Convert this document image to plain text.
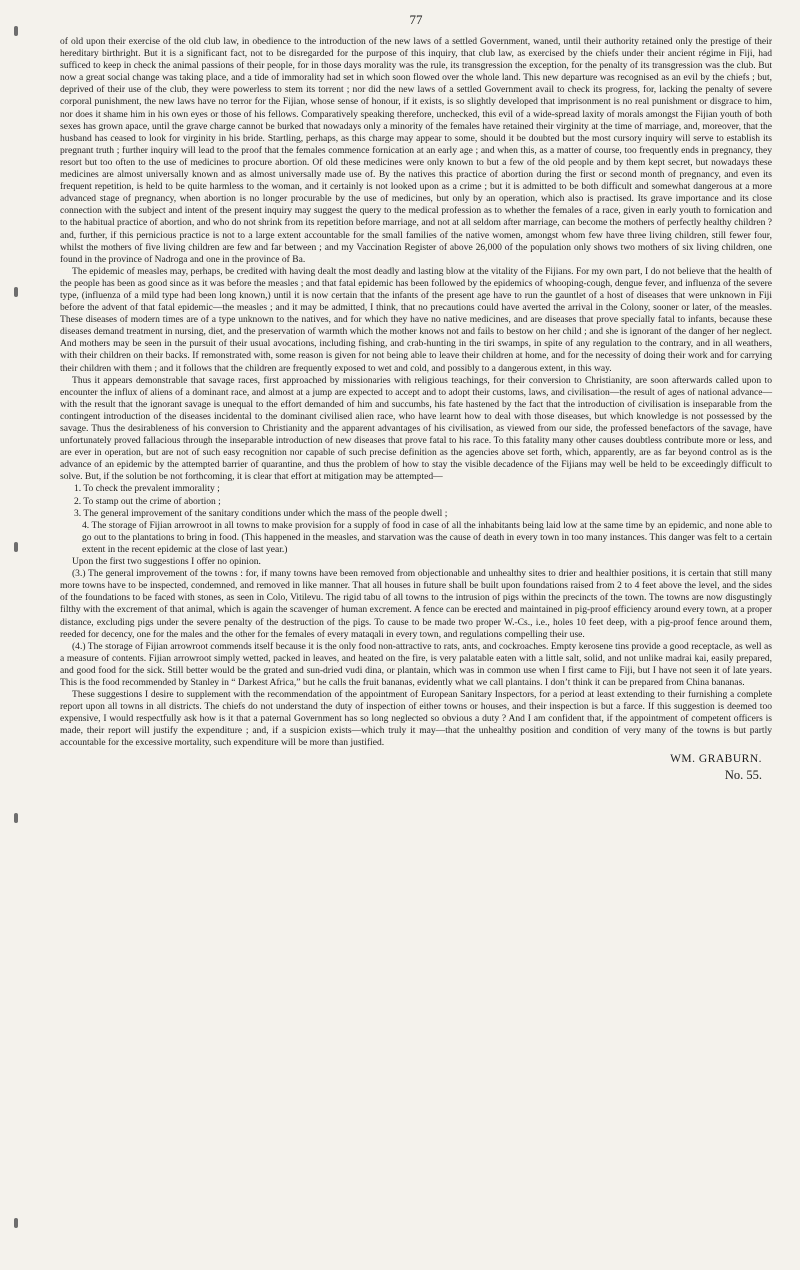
77

of old upon their exercise of the old club law, in obedience to the introduction of the new laws of a settled Government, waned, until their authority retained only the prestige of their hereditary birthright. But it is a significant fact, not to be disregarded for the purpose of this inquiry, that club law, as exercised by the chiefs under their ancient régime in Fiji, had sufficed to keep in check the animal passions of their people, for in those days morality was the rule, its transgression the exception, for the penalty of its transgression was the club. But now a great social change was taking place, and a tide of immorality had set in which soon flowed over the whole land. This new departure was recognised as an evil by the chiefs ; but, deprived of their use of the club, they were powerless to stem its torrent ; nor did the new laws of a settled Government avail to check its progress, for, lacking the penalty of severe corporal punishment, the new laws have no terror for the Fijian, whose sense of honour, if it exists, is so slightly developed that imprisonment is no real punishment or disgrace to him, nor does it shame him in his own eyes or those of his fellows. Comparatively speaking therefore, unchecked, this evil of a wide-spread laxity of morals amongst the Fijian youth of both sexes has grown apace, until the grave charge cannot be burked that nowadays only a minority of the females have retained their virginity at the time of marriage, and, moreover, that the husband has ceased to look for virginity in his bride. Startling, perhaps, as this charge may appear to some, should it be doubted but the most cursory inquiry will serve to establish its pregnant truth ; further inquiry will lead to the proof that the females commence fornication at an early age ; and when this, as a matter of course, too frequently ends in pregnancy, they resort but too often to the use of medicines to procure abortion. Of old these medicines were only known to but a few of the old people and by them kept secret, but nowadays these medicines are almost universally known and as almost universally made use of. By the natives this practice of abortion during the first or second month of pregnancy, and even its frequent repetition, is held to be quite harmless to the woman, and it certainly is not looked upon as a crime ; but it is admitted to be both difficult and somewhat dangerous at a more advanced stage of pregnancy, when abortion is no longer procurable by the use of medicines, but only by an operation, which also is practised. Its grave importance and its close connection with the subject and intent of the present inquiry may suggest the query to the medical profession as to whether the females of a race, given in early youth to fornication and to the habitual practice of abortion, and who do not shrink from its repetition before marriage, and not at all seldom after marriage, can become the mothers of perfectly healthy children ? and, further, if this pernicious practice is not to a large extent accountable for the small families of the native women, amongst whom few have three living children, still fewer four, whilst the mothers of five living children are few and far between ; and my Vaccination Register of above 26,000 of the population only shows two mothers of six living children, one found in the province of Nadroga and one in the province of Ba.

The epidemic of measles may, perhaps, be credited with having dealt the most deadly and lasting blow at the vitality of the Fijians. For my own part, I do not believe that the health of the people has been as good since as it was before the measles ; and that fatal epidemic has been followed by the epidemics of whooping-cough, dengue fever, and influenza of the severe type, (influenza of a mild type had been long known,) until it is now certain that the infants of the present age have to run the gauntlet of a host of diseases that were unknown in Fiji before the advent of that fatal epidemic—the measles ; and it may be admitted, I think, that no precautions could have averted the arrival in the Colony, sooner or later, of the measles. These diseases of modern times are of a type unknown to the natives, and for which they have no native medicines, and are diseases that prove specially fatal to infants, because these diseases demand treatment in nursing, diet, and the preservation of warmth which the mother knows not and fails to bestow on her child ; and she is ignorant of the danger of her neglect. And mothers may be seen in the pursuit of their usual avocations, including fishing, and crab-hunting in the tiri swamps, in spite of any regulation to the contrary, and in all weathers, with their children on their backs. If remonstrated with, some reason is given for not being able to leave their children at home, and for the necessity of doing their work and for carrying their children with them ; and it follows that the children are frequently exposed to wet and cold, and possibly to a dangerous extent, in this way.

Thus it appears demonstrable that savage races, first approached by missionaries with religious teachings, for their conversion to Christianity, are soon afterwards called upon to encounter the influx of aliens of a dominant race, and almost at a jump are expected to accept and to adopt their customs, laws, and civilisation—the result of ages of national advance—with the result that the ignorant savage is unequal to the effort demanded of him and succumbs, his fate hastened by the fact that the introduction of civilisation is inseparable from the contingent introduction of the diseases incidental to the dominant civilised alien race, who have learnt how to deal with those diseases, but which knowledge is not possessed by the savage. Thus the desirableness of his conversion to Christianity and the apparent advantages of his civilisation, as viewed from our side, the professed benefactors of the savage, have unfortunately proved fallacious through the inseparable introduction of new diseases that prove fatal to his race. To this fatality many other causes doubtless contribute more or less, and are ever in operation, but are not of such easy recognition nor capable of such precise definition as the agencies above set forth, which, apparently, are as far beyond control as is the advance of an epidemic by the attempted barrier of quarantine, and thus the problem of how to stay the visible decadence of the Fijians may well be held to be exceedingly difficult to solve. But, if the solution be not forthcoming, it is clear that effort at mitigation may be attempted—

1. To check the prevalent immorality ;

2. To stamp out the crime of abortion ;

3. The general improvement of the sanitary conditions under which the mass of the people dwell ;

4. The storage of Fijian arrowroot in all towns to make provision for a supply of food in case of all the inhabitants being laid low at the same time by an epidemic, and none able to go out to the plantations to bring in food. (This happened in the measles, and starvation was the cause of death in every town in too many instances. This danger was felt to a certain extent in the recent epidemic at the close of last year.)

Upon the first two suggestions I offer no opinion.

(3.) The general improvement of the towns : for, if many towns have been removed from objectionable and unhealthy sites to drier and healthier positions, it is certain that still many more towns have to be inspected, condemned, and removed in like manner. That all houses in future shall be built upon foundations raised from 2 to 4 feet above the level, and the sides of the foundations to be faced with stones, as seen in Colo, Vitilevu. The rigid tabu of all towns to the intrusion of pigs within the precincts of the town. The towns are now disgustingly filthy with the excrement of that animal, which is again the scavenger of human excrement. A fence can be erected and maintained in pig-proof efficiency around every town, at a proper distance, excluding pigs under the severe penalty of the destruction of the pigs. To cause to be made two proper W.-Cs., i.e., holes 10 feet deep, with a pig-proof fence around them, reeded for decency, one for the males and the other for the females of every mataqali in every town, and regulations compelling their use.

(4.) The storage of Fijian arrowroot commends itself because it is the only food non-attractive to rats, ants, and cockroaches. Empty kerosene tins provide a good receptacle, as well as a measure of contents. Fijian arrowroot simply wetted, packed in leaves, and heated on the fire, is very palatable eaten with a little salt, solid, and not unlike madrai kai, easily prepared, and good food for the sick. Still better would be the grated and sun-dried vudi dina, or plantain, which was in common use when I first came to Fiji, but I have not seen it of late years. This is the food recommended by Stanley in “ Darkest Africa,” but he calls the fruit bananas, evidently what we call plantains. I don’t think it can be prepared from China bananas.

These suggestions I desire to supplement with the recommendation of the appointment of European Sanitary Inspectors, for a period at least extending to their furnishing a complete report upon all towns in all districts. The chiefs do not understand the duty of inspection of either towns or houses, and their inspection is but a farce. If this suggestion is deemed too expensive, I would respectfully ask how is it that a paternal Government has so long neglected so obvious a duty ? And I am confident that, if the appointment of competent officers is made, their report will justify the expenditure ; and, if a suspicion exists—which truly it may—that the unhealthy position and condition of very many of the towns is but partly accountable for the excessive mortality, such expenditure will be more than justified.

WM. GRABURN.
No. 55.
